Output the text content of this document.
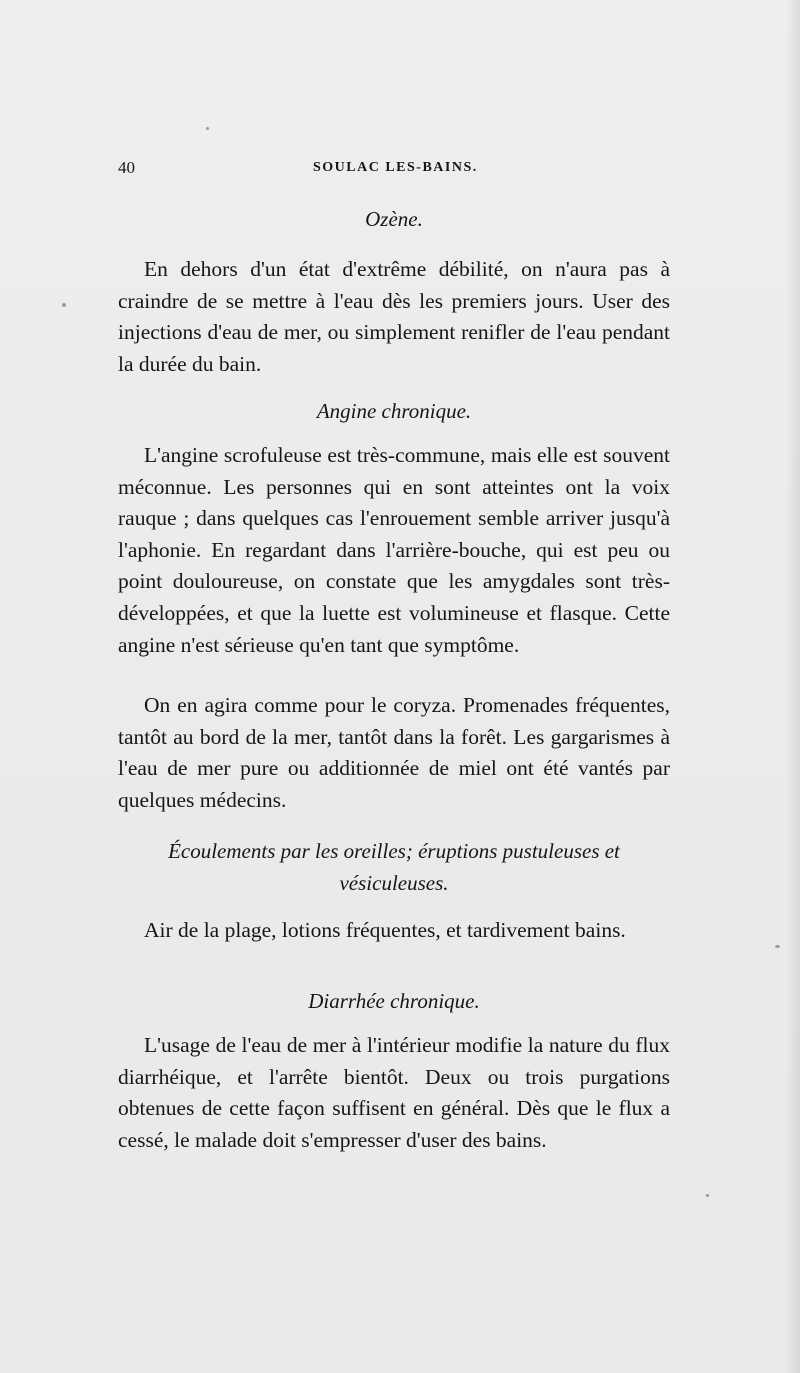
40	SOULAC LES-BAINS.
Ozène.
En dehors d'un état d'extrême débilité, on n'aura pas à craindre de se mettre à l'eau dès les premiers jours. User des injections d'eau de mer, ou simplement renifler de l'eau pendant la durée du bain.
Angine chronique.
L'angine scrofuleuse est très-commune, mais elle est souvent méconnue. Les personnes qui en sont atteintes ont la voix rauque ; dans quelques cas l'enrouement semble arriver jusqu'à l'aphonie. En regardant dans l'arrière-bouche, qui est peu ou point douloureuse, on constate que les amygdales sont très-développées, et que la luette est volumineuse et flasque. Cette angine n'est sérieuse qu'en tant que symptôme.
On en agira comme pour le coryza. Promenades fréquentes, tantôt au bord de la mer, tantôt dans la forêt. Les gargarismes à l'eau de mer pure ou additionnée de miel ont été vantés par quelques médecins.
Écoulements par les oreilles; éruptions pustuleuses et vésiculeuses.
Air de la plage, lotions fréquentes, et tardivement bains.
Diarrhée chronique.
L'usage de l'eau de mer à l'intérieur modifie la nature du flux diarrhéique, et l'arrête bientôt. Deux ou trois purgations obtenues de cette façon suffisent en général. Dès que le flux a cessé, le malade doit s'empresser d'user des bains.
